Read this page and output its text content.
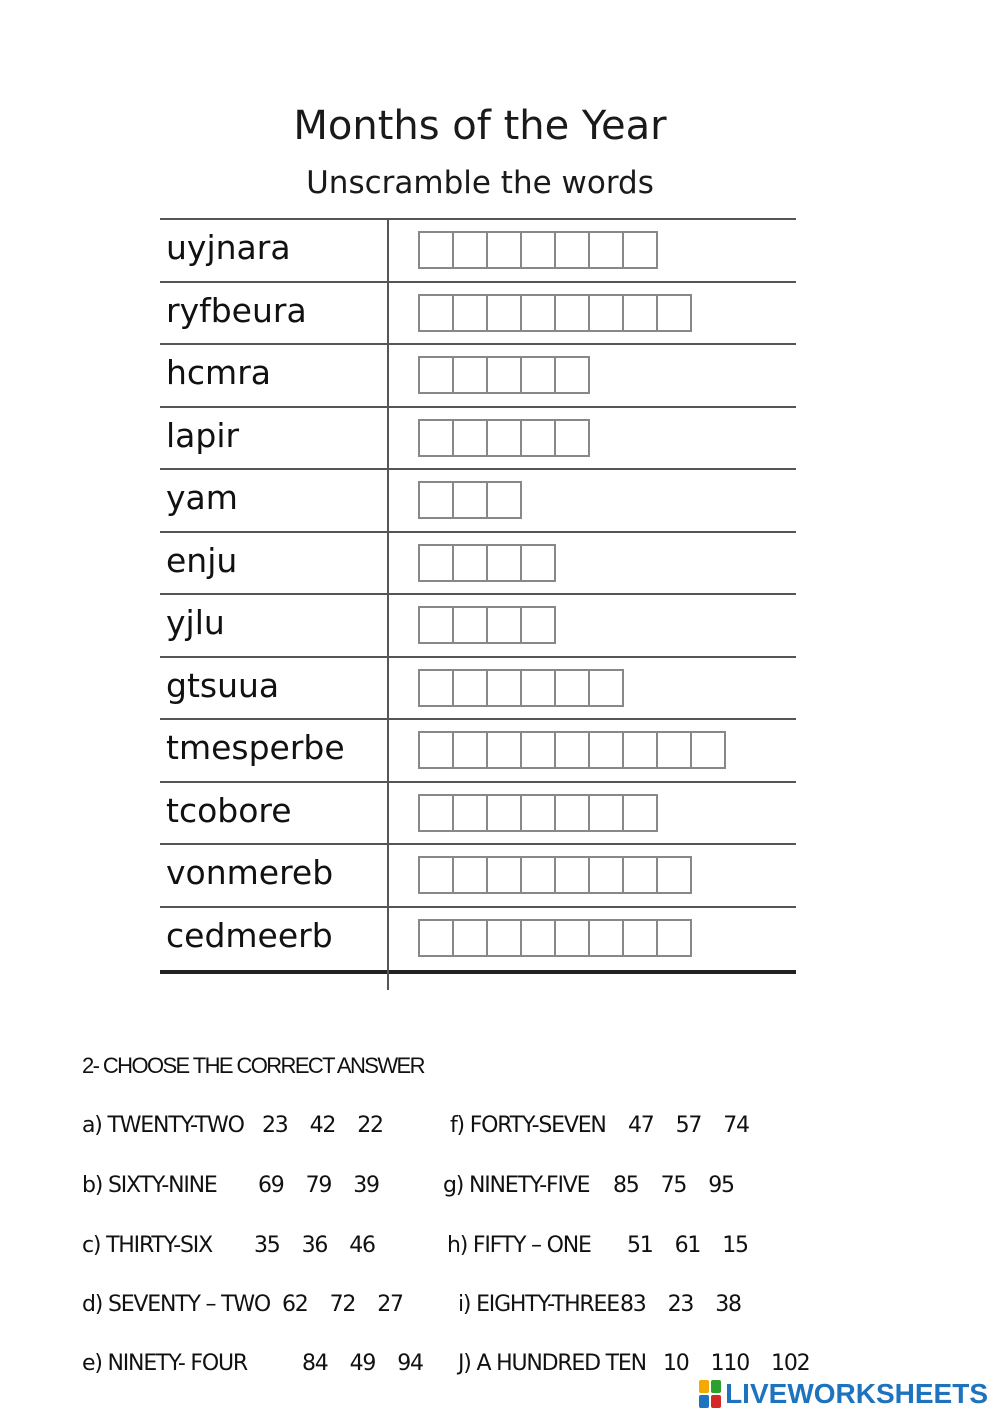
Months of the Year
Unscramble the words
uyjnara
ryfbeura
hcmra
lapir
yam
enju
yjlu
gtsuua
tmesperbe
tcobore
vonmereb
cedmeerb

2- CHOOSE THE CORRECT ANSWER

a) TWENTY-TWO 23 42 22
b) SIXTY-NINE 69 79 39
c) THIRTY-SIX 35 36 46
d) SEVENTY – TWO 62 72 27
e) NINETY- FOUR	84 49 94
f) FORTY-SEVEN 47 57 74
g) NINETY-FIVE 85 75 95
h) FIFTY – ONE 51 61 15
i) EIGHTY-THREE83 23 38
J) A HUNDRED TEN 10 110 102
LIVEWORKSHEETS
